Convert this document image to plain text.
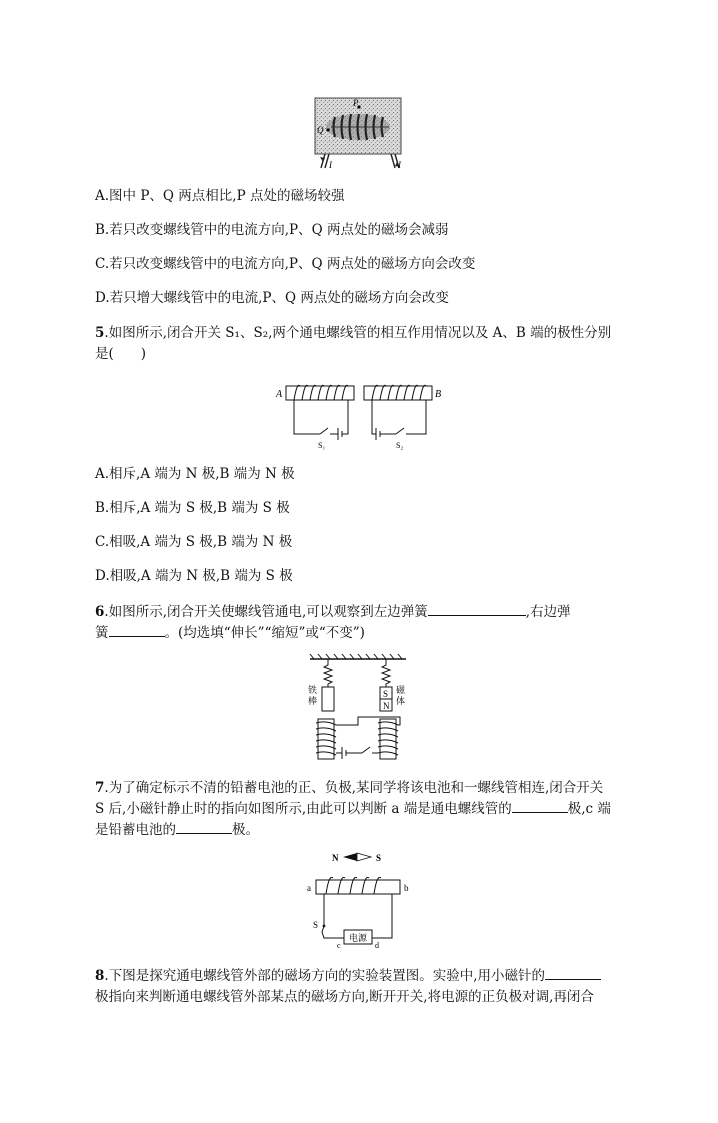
P
Q
I	I
A.图中 P、Q 两点相比,P 点处的磁场较强
B.若只改变螺线管中的电流方向,P、Q 两点处的磁场会减弱
C.若只改变螺线管中的电流方向,P、Q 两点处的磁场方向会改变
D.若只增大螺线管中的电流,P、Q 两点处的磁场方向会改变
5.如图所示,闭合开关 S₁、S₂,两个通电螺线管的相互作用情况以及 A、B 端的极性分别
是(　　)
A	B
S₁	S₂
A.相斥,A 端为 N 极,B 端为 N 极
B.相斥,A 端为 S 极,B 端为 S 极
C.相吸,A 端为 S 极,B 端为 N 极
D.相吸,A 端为 N 极,B 端为 S 极
6.如图所示,闭合开关使螺线管通电,可以观察到左边弹簧	,右边弹
簧	。(均选填“伸长”“缩短”或“不变”)
铁
棒
S
N
磁
体
7.为了确定标示不清的铅蓄电池的正、负极,某同学将该电池和一螺线管相连,闭合开关
S 后,小磁针静止时的指向如图所示,由此可以判断 a 端是通电螺线管的	极,c 端
是铅蓄电池的	极。
N	S
a	b
S
c	d
电源
8.下图是探究通电螺线管外部的磁场方向的实验装置图。实验中,用小磁针的
极指向来判断通电螺线管外部某点的磁场方向,断开开关,将电源的正负极对调,再闭合
